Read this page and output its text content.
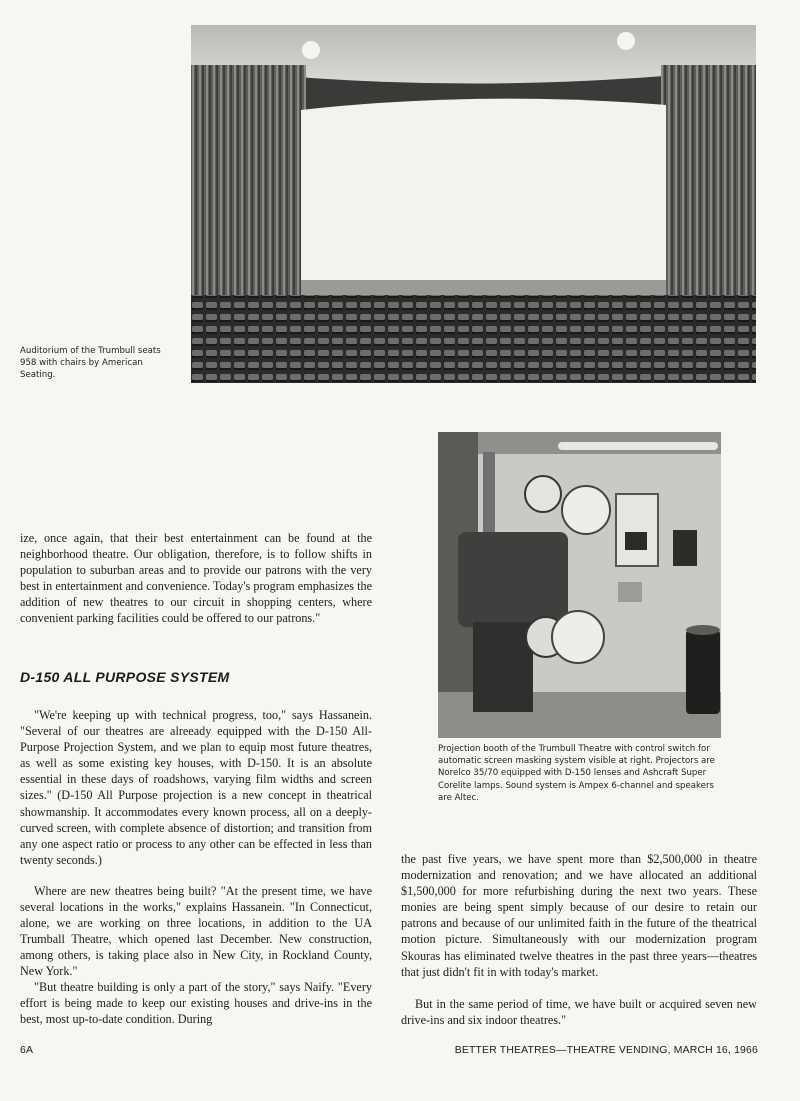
Auditorium of the Trumbull seats 958 with chairs by American Seating.

Projection booth of the Trumbull Theatre with control switch for automatic screen masking system visible at right. Projectors are Norelco 35/70 equipped with D-150 lenses and Ashcraft Super Corelite lamps. Sound system is Ampex 6-channel and speakers are Altec.

ize, once again, that their best entertainment can be found at the neighborhood theatre. Our obligation, therefore, is to follow shifts in population to suburban areas and to provide our patrons with the very best in entertainment and convenience. Today's program emphasizes the addition of new theatres to our circuit in shopping centers, where convenient parking facilities could be offered to our patrons."

D-150 ALL PURPOSE SYSTEM

"We're keeping up with technical progress, too," says Hassanein. "Several of our theatres are alreeady equipped with the D-150 All-Purpose Projection System, and we plan to equip most future theatres, as well as some existing key houses, with D-150. It is an absolute essential in these days of roadshows, varying film widths and screen sizes." (D-150 All Purpose projection is a new concept in theatrical showmanship. It accommodates every known process, all on a deeply-curved screen, with complete absence of distortion; and transition from any one aspect ratio or process to any other can be effected in less than twenty seconds.)

Where are new theatres being built? "At the present time, we have several locations in the works," explains Hassanein. "In Connecticut, alone, we are working on three locations, in addition to the UA Trumball Theatre, which opened last December. New construction, among others, is taking place also in New City, in Rockland County, New York."

"But theatre building is only a part of the story," says Naify. "Every effort is being made to keep our existing houses and drive-ins in the best, most up-to-date condition. During

the past five years, we have spent more than $2,500,000 in theatre modernization and renovation; and we have allocated an additional $1,500,000 for more refurbishing during the next two years. These monies are being spent simply because of our desire to retain our patrons and because of our unlimited faith in the future of the theatrical motion picture. Simultaneously with our modernization program Skouras has eliminated twelve theatres in the past three years—theatres that just didn't fit in with today's market.

But in the same period of time, we have built or acquired seven new drive-ins and six indoor theatres."

6A	BETTER THEATRES—THEATRE VENDING, MARCH 16, 1966
